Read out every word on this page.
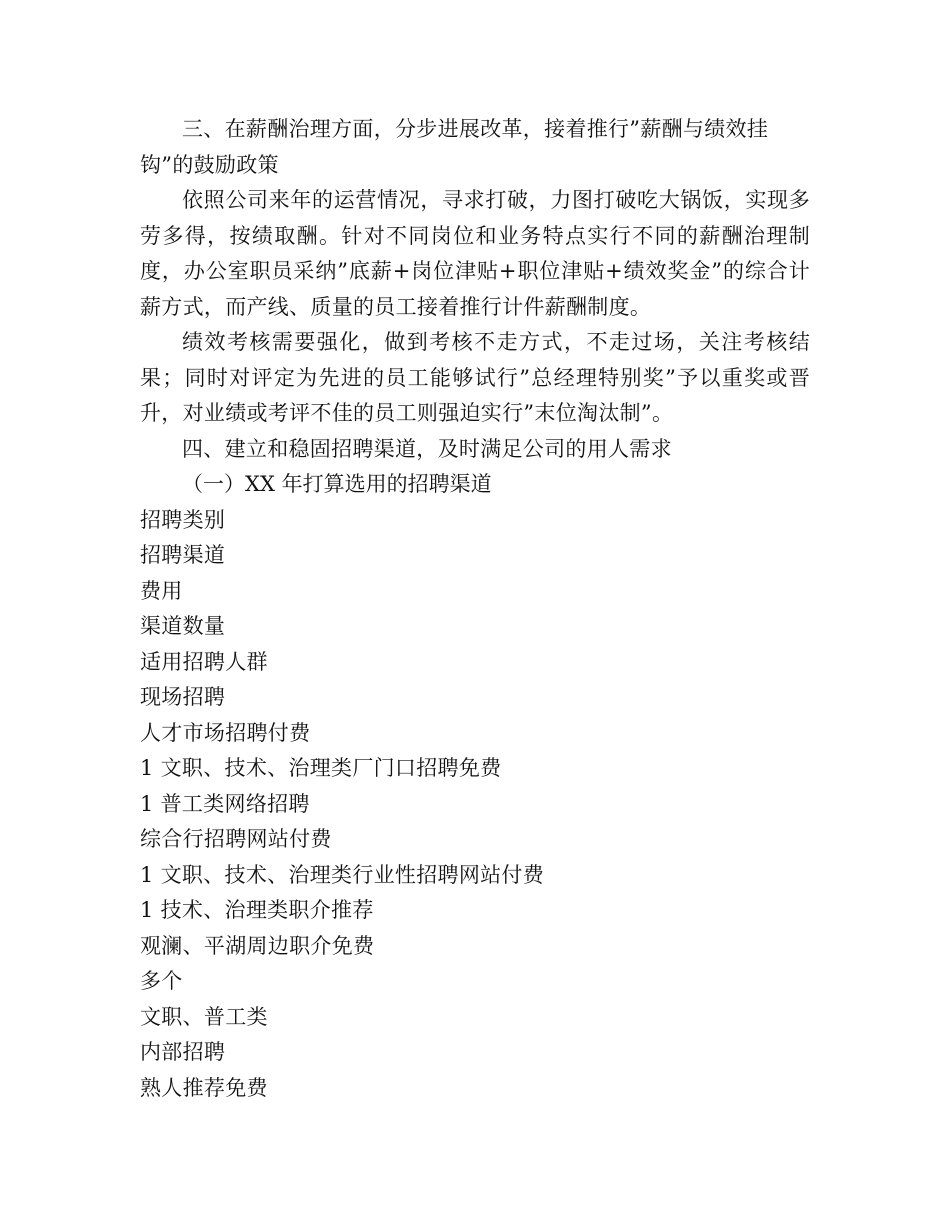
三、在薪酬治理方面，分步进展改革，接着推行”薪酬与绩效挂钩”的鼓励政策

依照公司来年的运营情况，寻求打破，力图打破吃大锅饭，实现多劳多得，按绩取酬。针对不同岗位和业务特点实行不同的薪酬治理制度，办公室职员采纳”底薪+岗位津贴+职位津贴+绩效奖金”的综合计薪方式，而产线、质量的员工接着推行计件薪酬制度。

绩效考核需要强化，做到考核不走方式，不走过场，关注考核结果；同时对评定为先进的员工能够试行”总经理特别奖”予以重奖或晋升，对业绩或考评不佳的员工则强迫实行”末位淘汰制”。

四、建立和稳固招聘渠道，及时满足公司的用人需求

（一）XX 年打算选用的招聘渠道

招聘类别
招聘渠道
费用
渠道数量
适用招聘人群
现场招聘
人才市场招聘付费
1 文职、技术、治理类厂门口招聘免费
1 普工类网络招聘
综合行招聘网站付费
1 文职、技术、治理类行业性招聘网站付费
1 技术、治理类职介推荐
观澜、平湖周边职介免费
多个
文职、普工类
内部招聘
熟人推荐免费
